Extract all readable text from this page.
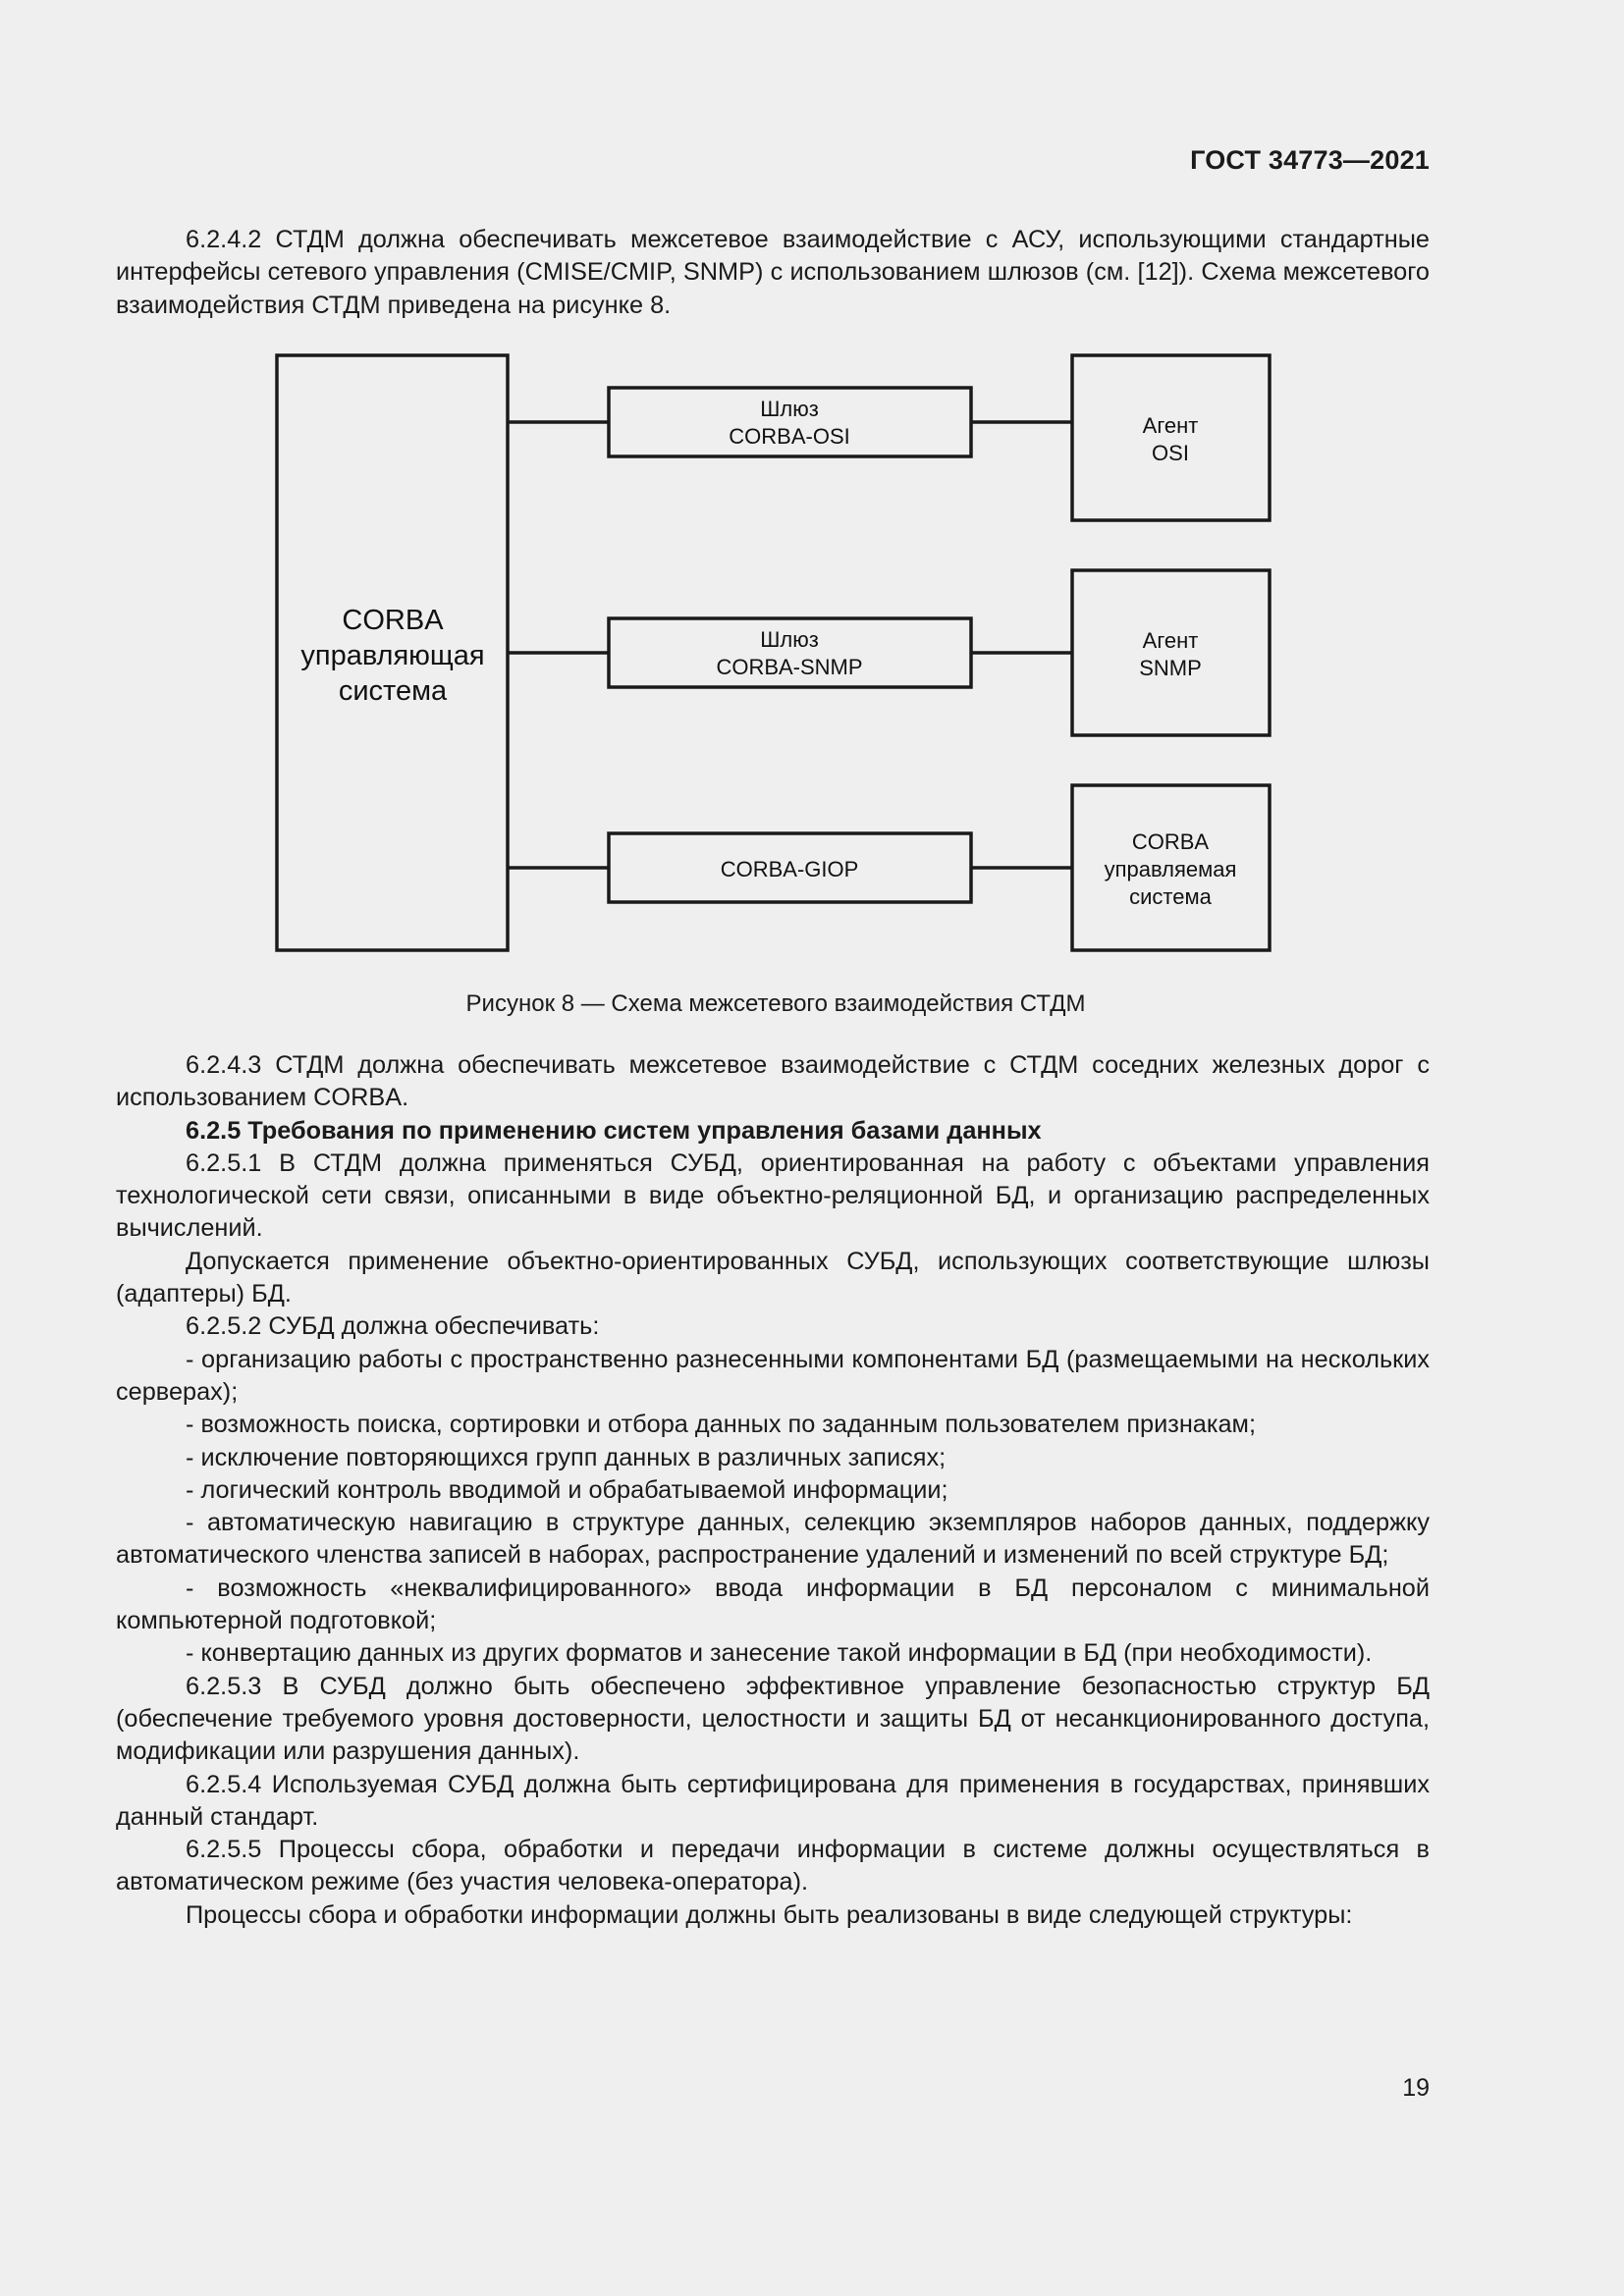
ГОСТ 34773—2021

6.2.4.2 СТДМ должна обеспечивать межсетевое взаимодействие с АСУ, использующими стандартные интерфейсы сетевого управления (CMISE/CMIP, SNMP) с использованием шлюзов (см. [12]). Схема межсетевого взаимодействия СТДМ приведена на рисунке 8.

CORBA
управляющая
система
Шлюз
CORBA-OSI
Шлюз
CORBA-SNMP
CORBA-GIOP
Агент
OSI
Агент
SNMP
CORBA
управляемая
система
Рисунок 8 — Схема межсетевого взаимодействия СТДМ

6.2.4.3 СТДМ должна обеспечивать межсетевое взаимодействие с СТДМ соседних железных дорог с использованием CORBA.

6.2.5 Требования по применению систем управления базами данных

6.2.5.1 В СТДМ должна применяться СУБД, ориентированная на работу с объектами управления технологической сети связи, описанными в виде объектно-реляционной БД, и организацию распределенных вычислений.

Допускается применение объектно-ориентированных СУБД, использующих соответствующие шлюзы (адаптеры) БД.

6.2.5.2 СУБД должна обеспечивать:

- организацию работы с пространственно разнесенными компонентами БД (размещаемыми на нескольких серверах);

- возможность поиска, сортировки и отбора данных по заданным пользователем признакам;

- исключение повторяющихся групп данных в различных записях;

- логический контроль вводимой и обрабатываемой информации;

- автоматическую навигацию в структуре данных, селекцию экземпляров наборов данных, поддержку автоматического членства записей в наборах, распространение удалений и изменений по всей структуре БД;

- возможность «неквалифицированного» ввода информации в БД персоналом с минимальной компьютерной подготовкой;

- конвертацию данных из других форматов и занесение такой информации в БД (при необходимости).

6.2.5.3 В СУБД должно быть обеспечено эффективное управление безопасностью структур БД (обеспечение требуемого уровня достоверности, целостности и защиты БД от несанкционированного доступа, модификации или разрушения данных).

6.2.5.4 Используемая СУБД должна быть сертифицирована для применения в государствах, принявших данный стандарт.

6.2.5.5 Процессы сбора, обработки и передачи информации в системе должны осуществляться в автоматическом режиме (без участия человека-оператора).

Процессы сбора и обработки информации должны быть реализованы в виде следующей структуры:

19
